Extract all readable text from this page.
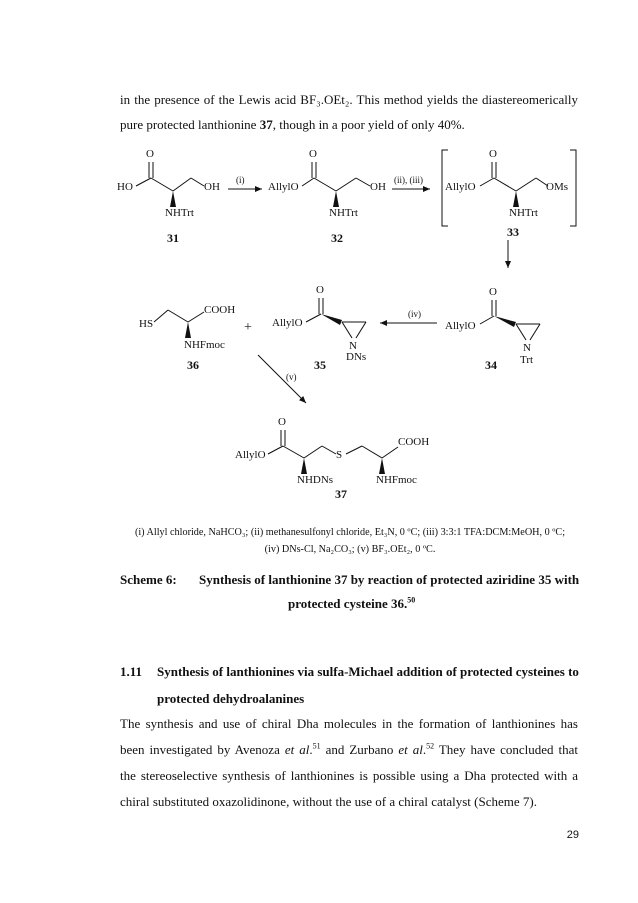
in the presence of the Lewis acid BF₃.OEt₂. This method yields the diastereomerically
pure protected lanthionine 37, though in a poor yield of only 40%.
O
HO	OH
NHTrt
31
(i)
O
AllylO	OH
NHTrt
32
(ii), (iii)
O
AllylO	OMs
NHTrt
33
O
AllylO
N
Trt
34
(iv)
O
AllylO
N
DNs
35
+
HS
COOH
NHFmoc
36
(v)
O
AllylO	S
COOH
NHDNs	NHFmoc
37
(i) Allyl chloride, NaHCO₃; (ii) methanesulfonyl chloride, Et₃N, 0 ºC; (iii) 3:3:1 TFA:DCM:MeOH, 0 ºC;
(iv) DNs-Cl, Na₂CO₃; (v) BF₃.OEt₂, 0 ºC.
Scheme 6: Synthesis of lanthionine 37 by reaction of protected aziridine 35 with
protected cysteine 36.50
1.11 Synthesis of lanthionines via sulfa-Michael addition of protected cysteines to
protected dehydroalanines
The synthesis and use of chiral Dha molecules in the formation of lanthionines has
been investigated by Avenoza et al.$^{51}$ and Zurbano et al.$^{52}$ They have concluded that
the stereoselective synthesis of lanthionines is possible using a Dha protected with a
chiral substituted oxazolidinone, without the use of a chiral catalyst (Scheme 7).
29
